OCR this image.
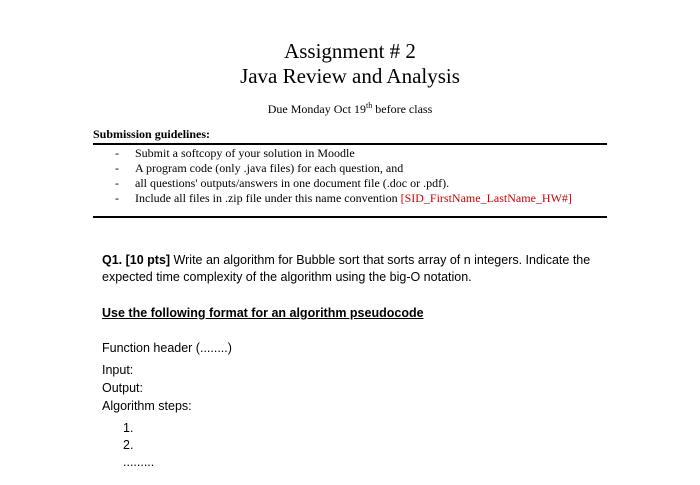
Assignment # 2
Java Review and Analysis
Due Monday Oct 19th before class
Submission guidelines:
- Submit a softcopy of your solution in Moodle
- A program code (only .java files) for each question, and
- all questions' outputs/answers in one document file (.doc or .pdf).
- Include all files in .zip file under this name convention [SID_FirstName_LastName_HW#]
Q1. [10 pts] Write an algorithm for Bubble sort that sorts array of n integers. Indicate the expected time complexity of the algorithm using the big-O notation.
Use the following format for an algorithm pseudocode
Function header (........)
Input:
Output:
Algorithm steps:
1.
2.
.........
